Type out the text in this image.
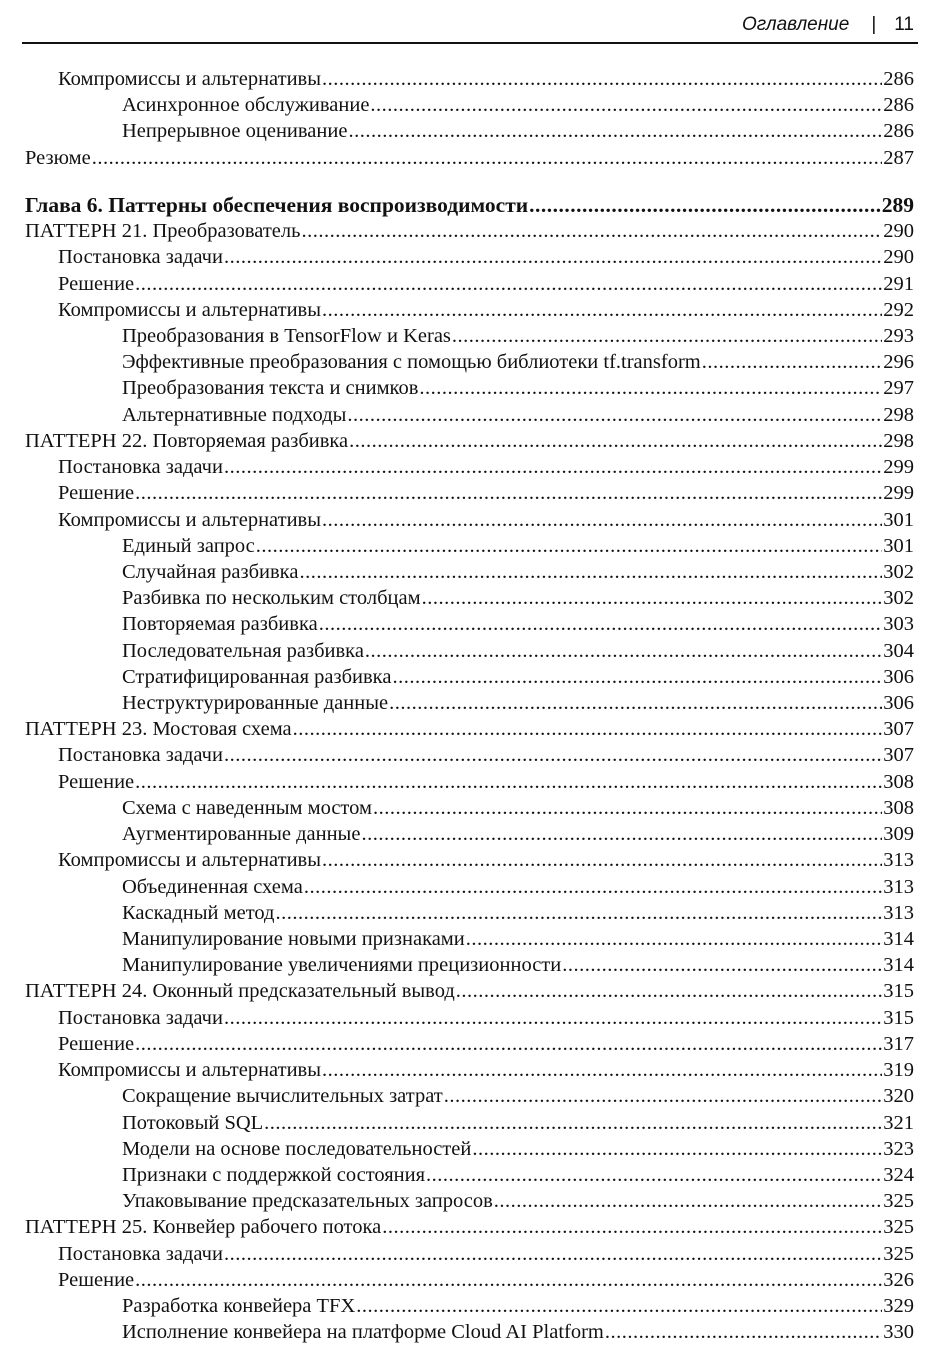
Оглавление | 11
Компромиссы и альтернативы .....	286
Асинхронное обслуживание .....	286
Непрерывное оценивание .....	286
Резюме .....	287
Глава 6. Паттерны обеспечения воспроизводимости .....	289
ПАТТЕРН 21. Преобразователь .....	290
Постановка задачи .....	290
Решение .....	291
Компромиссы и альтернативы .....	292
Преобразования в TensorFlow и Keras .....	293
Эффективные преобразования с помощью библиотеки tf.transform .....	296
Преобразования текста и снимков .....	297
Альтернативные подходы .....	298
ПАТТЕРН 22. Повторяемая разбивка .....	298
Постановка задачи .....	299
Решение .....	299
Компромиссы и альтернативы .....	301
Единый запрос .....	301
Случайная разбивка .....	302
Разбивка по нескольким столбцам .....	302
Повторяемая разбивка .....	303
Последовательная разбивка .....	304
Стратифицированная разбивка .....	306
Неструктурированные данные .....	306
ПАТТЕРН 23. Мостовая схема .....	307
Постановка задачи .....	307
Решение .....	308
Схема с наведенным мостом .....	308
Аугментированные данные .....	309
Компромиссы и альтернативы .....	313
Объединенная схема .....	313
Каскадный метод .....	313
Манипулирование новыми признаками .....	314
Манипулирование увеличениями прецизионности .....	314
ПАТТЕРН 24. Оконный предсказательный вывод .....	315
Постановка задачи .....	315
Решение .....	317
Компромиссы и альтернативы .....	319
Сокращение вычислительных затрат .....	320
Потоковый SQL .....	321
Модели на основе последовательностей .....	323
Признаки с поддержкой состояния .....	324
Упаковывание предсказательных запросов .....	325
ПАТТЕРН 25. Конвейер рабочего потока .....	325
Постановка задачи .....	325
Решение .....	326
Разработка конвейера TFX .....	329
Исполнение конвейера на платформе Cloud AI Platform .....	330
